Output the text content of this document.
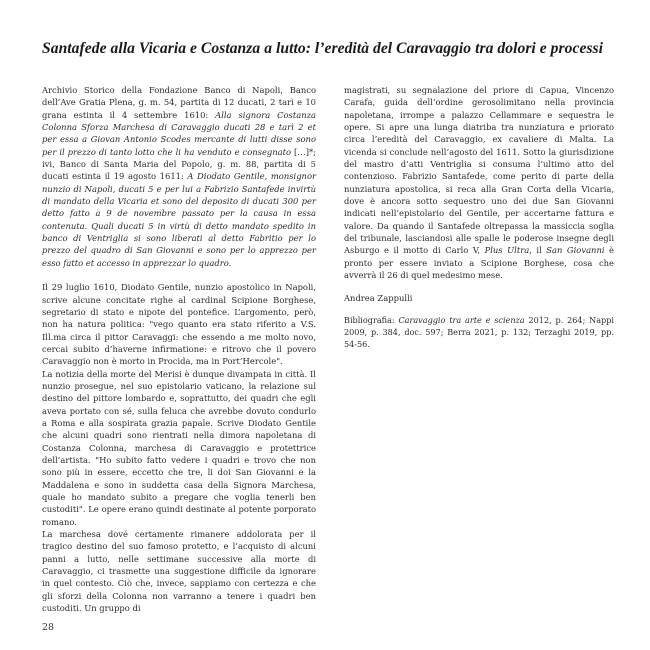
Santafede alla Vicaria e Costanza a lutto: l’eredità del Caravaggio tra dolori e processi

Archivio Storico della Fondazione Banco di Napoli, Banco dell’Ave Gratia Plena, g. m. 54, partita di 12 ducati, 2 tarì e 10 grana estinta il 4 settembre 1610: Alla signora Costanza Colonna Sforza Marchesa di Caravaggio ducati 28 e tarì 2 et per essa a Giovan Antonio Scodes mercante di lutti disse sono per il prezzo di tanto lotto che li ha venduto e consegnato […]*; ivi, Banco di Santa Maria del Popolo, g. m. 88, partita di 5 ducati estinta il 19 agosto 1611: A Diodato Gentile, monsignor nunzio di Napoli, ducati 5 e per lui a Fabrizio Santafede invirtù di mandato della Vicaria et sono del deposito di ducati 300 per detto fatto a 9 de novembre passato per la causa in essa contenuta. Quali ducati 5 in virtù di detto mandato spedito in banco di Ventriglia si sono liberati al detto Fabritio per lo prezzo del quadro di San Giovanni e sono per lo apprezzo per esso fatto et accesso in apprezzar lo quadro.

Il 29 luglio 1610, Diodato Gentile, nunzio apostolico in Napoli, scrive alcune concitate righe al cardinal Scipione Borghese, segretario di stato e nipote del pontefice. L’argomento, però, non ha natura politica: "vego quanto era stato riferito a V.S. Ill.ma circa il pittor Caravaggi: che essendo a me molto novo, cercai subito d’haverne infirmatione: e ritrovo che il povero Caravaggio non è morto in Procida, ma in Port’Hercole".

La notizia della morte del Merisi è dunque divampata in città. Il nunzio prosegue, nel suo epistolario vaticano, la relazione sul destino del pittore lombardo e, soprattutto, dei quadri che egli aveva portato con sé, sulla feluca che avrebbe dovuto condurlo a Roma e alla sospirata grazia papale. Scrive Diodato Gentile che alcuni quadri sono rientrati nella dimora napoletana di Costanza Colonna, marchesa di Caravaggio e protettrice dell’artista. "Ho subito fatto vedere i quadri e trovo che non sono più in essere, eccetto che tre, li doi San Giovanni e la Maddalena e sono in suddetta casa della Signora Marchesa, quale ho mandato subito a pregare che voglia tenerli ben custoditi". Le opere erano quindi destinate al potente porporato romano.

La marchesa dové certamente rimanere addolorata per il tragico destino del suo famoso protetto, e l’acquisto di alcuni panni a lutto, nelle settimane successive alla morte di Caravaggio, ci trasmette una suggestione difficile da ignorare in quel contesto. Ciò che, invece, sappiamo con certezza e che gli sforzi della Colonna non varranno a tenere i quadri ben custoditi. Un gruppo di

magistrati, su segnalazione del priore di Capua, Vincenzo Carafa, guida dell’ordine gerosolimitano nella provincia napoletana, irrompe a palazzo Cellammare e sequestra le opere. Si apre una lunga diatriba tra nunziatura e priorato circa l’eredità del Caravaggio, ex cavaliere di Malta. La vicenda si conclude nell’agosto del 1611. Sotto la giurisdizione del mastro d’atti Ventriglia si consuma l’ultimo atto del contenzioso. Fabrizio Santafede, come perito di parte della nunziatura apostolica, si reca alla Gran Corta della Vicaria, dove è ancora sotto sequestro uno dei due San Giovanni indicati nell’epistolario del Gentile, per accertarne fattura e valore. Da quando il Santafede oltrepassa la massiccia soglia del tribunale, lasciandosi alle spalle le poderose insegne degli Asburgo e il motto di Carlo V, Plus Ultra, il San Giovanni è pronto per essere inviato a Scipione Borghese, cosa che avverrà il 26 di quel medesimo mese.

Andrea Zappulli

Bibliografia: Caravaggio tra arte e scienza 2012, p. 264; Nappi 2009, p. 384, doc. 597; Berra 2021, p. 132; Terzaghi 2019, pp. 54-56.

28
